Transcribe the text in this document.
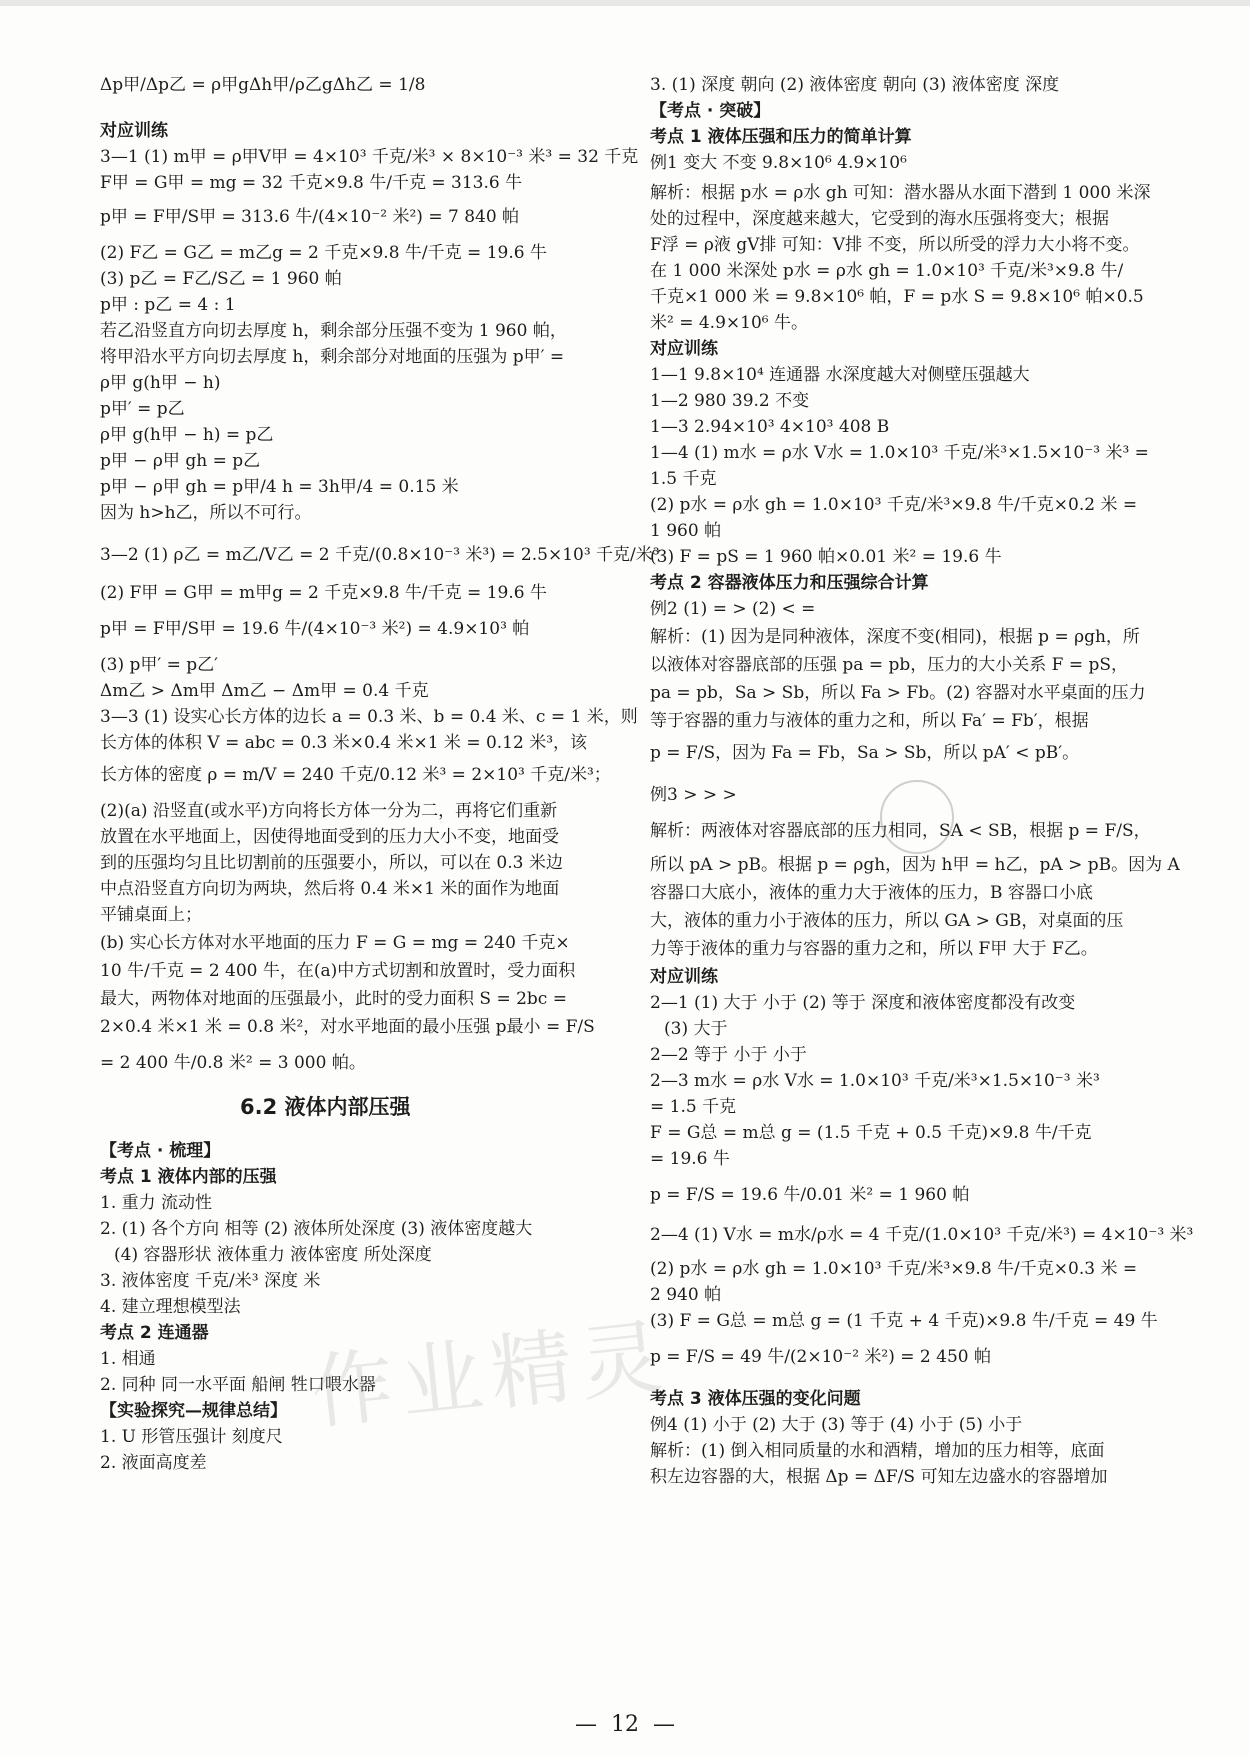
Δp甲/Δp乙 = ρ甲gΔh甲/ρ乙gΔh乙 = 1/8
对应训练
3—1 (1) m甲 = ρ甲V甲 = 4×10³ 千克/米³ × 8×10⁻³ 米³ = 32 千克
F甲 = G甲 = mg = 32 千克×9.8 牛/千克 = 313.6 牛
p甲 = F甲/S甲 = 313.6 牛/(4×10⁻² 米²) = 7 840 帕
(2) F乙 = G乙 = m乙g = 2 千克×9.8 牛/千克 = 19.6 牛
(3) p乙 = F乙/S乙 = 1 960 帕
p甲 : p乙 = 4 : 1
若乙沿竖直方向切去厚度 h，剩余部分压强不变为 1 960 帕，
将甲沿水平方向切去厚度 h，剩余部分对地面的压强为 p甲′ =
ρ甲 g(h甲 − h)
p甲′ = p乙
ρ甲 g(h甲 − h) = p乙
p甲 − ρ甲 gh = p乙
p甲 − ρ甲 gh = p甲/4 h = 3h甲/4 = 0.15 米
因为 h>h乙，所以不可行。
3—2 (1) ρ乙 = m乙/V乙 = 2 千克/(0.8×10⁻³ 米³) = 2.5×10³ 千克/米³
(2) F甲 = G甲 = m甲g = 2 千克×9.8 牛/千克 = 19.6 牛
p甲 = F甲/S甲 = 19.6 牛/(4×10⁻³ 米²) = 4.9×10³ 帕
(3) p甲′ = p乙′
Δm乙 > Δm甲 Δm乙 − Δm甲 = 0.4 千克
3—3 (1) 设实心长方体的边长 a = 0.3 米、b = 0.4 米、c = 1 米，则
长方体的体积 V = abc = 0.3 米×0.4 米×1 米 = 0.12 米³，该
长方体的密度 ρ = m/V = 240 千克/0.12 米³ = 2×10³ 千克/米³；
(2)(a) 沿竖直(或水平)方向将长方体一分为二，再将它们重新
放置在水平地面上，因使得地面受到的压力大小不变，地面受
到的压强均匀且比切割前的压强要小，所以，可以在 0.3 米边
中点沿竖直方向切为两块，然后将 0.4 米×1 米的面作为地面
平铺桌面上；
(b) 实心长方体对水平地面的压力 F = G = mg = 240 千克×
10 牛/千克 = 2 400 牛，在(a)中方式切割和放置时，受力面积
最大，两物体对地面的压强最小，此时的受力面积 S = 2bc =
2×0.4 米×1 米 = 0.8 米²，对水平地面的最小压强 p最小 = F/S
= 2 400 牛/0.8 米² = 3 000 帕。
6.2 液体内部压强
【考点 · 梳理】
考点 1 液体内部的压强
1. 重力 流动性
2. (1) 各个方向 相等 (2) 液体所处深度 (3) 液体密度越大
(4) 容器形状 液体重力 液体密度 所处深度
3. 液体密度 千克/米³ 深度 米
4. 建立理想模型法
考点 2 连通器
1. 相通
2. 同种 同一水平面 船闸 牲口喂水器
【实验探究—规律总结】
1. U 形管压强计 刻度尺
2. 液面高度差
3. (1) 深度 朝向 (2) 液体密度 朝向 (3) 液体密度 深度
【考点 · 突破】
考点 1 液体压强和压力的简单计算
例1 变大 不变 9.8×10⁶ 4.9×10⁶
解析：根据 p水 = ρ水 gh 可知：潜水器从水面下潜到 1 000 米深
处的过程中，深度越来越大，它受到的海水压强将变大；根据
F浮 = ρ液 gV排 可知：V排 不变，所以所受的浮力大小将不变。
在 1 000 米深处 p水 = ρ水 gh = 1.0×10³ 千克/米³×9.8 牛/
千克×1 000 米 = 9.8×10⁶ 帕，F = p水 S = 9.8×10⁶ 帕×0.5
米² = 4.9×10⁶ 牛。
对应训练
1—1 9.8×10⁴ 连通器 水深度越大对侧壁压强越大
1—2 980 39.2 不变
1—3 2.94×10³ 4×10³ 408 B
1—4 (1) m水 = ρ水 V水 = 1.0×10³ 千克/米³×1.5×10⁻³ 米³ =
1.5 千克
(2) p水 = ρ水 gh = 1.0×10³ 千克/米³×9.8 牛/千克×0.2 米 =
1 960 帕
(3) F = pS = 1 960 帕×0.01 米² = 19.6 牛
考点 2 容器液体压力和压强综合计算
例2 (1) = > (2) < =
解析：(1) 因为是同种液体，深度不变(相同)，根据 p = ρgh，所
以液体对容器底部的压强 pa = pb，压力的大小关系 F = pS，
pa = pb，Sa > Sb，所以 Fa > Fb。(2) 容器对水平桌面的压力
等于容器的重力与液体的重力之和，所以 Fa′ = Fb′，根据
p = F/S，因为 Fa = Fb，Sa > Sb，所以 pA′ < pB′。
例3 > > >
解析：两液体对容器底部的压力相同，SA < SB，根据 p = F/S，
所以 pA > pB。根据 p = ρgh，因为 h甲 = h乙，pA > pB。因为 A
容器口大底小，液体的重力大于液体的压力，B 容器口小底
大，液体的重力小于液体的压力，所以 GA > GB，对桌面的压
力等于液体的重力与容器的重力之和，所以 F甲 大于 F乙。
对应训练
2—1 (1) 大于 小于 (2) 等于 深度和液体密度都没有改变
(3) 大于
2—2 等于 小于 小于
2—3 m水 = ρ水 V水 = 1.0×10³ 千克/米³×1.5×10⁻³ 米³
= 1.5 千克
F = G总 = m总 g = (1.5 千克 + 0.5 千克)×9.8 牛/千克
= 19.6 牛
p = F/S = 19.6 牛/0.01 米² = 1 960 帕
2—4 (1) V水 = m水/ρ水 = 4 千克/(1.0×10³ 千克/米³) = 4×10⁻³ 米³
(2) p水 = ρ水 gh = 1.0×10³ 千克/米³×9.8 牛/千克×0.3 米 =
2 940 帕
(3) F = G总 = m总 g = (1 千克 + 4 千克)×9.8 牛/千克 = 49 牛
p = F/S = 49 牛/(2×10⁻² 米²) = 2 450 帕
考点 3 液体压强的变化问题
例4 (1) 小于 (2) 大于 (3) 等于 (4) 小于 (5) 小于
解析：(1) 倒入相同质量的水和酒精，增加的压力相等，底面
积左边容器的大，根据 Δp = ΔF/S 可知左边盛水的容器增加
作业精灵
—  12  —
